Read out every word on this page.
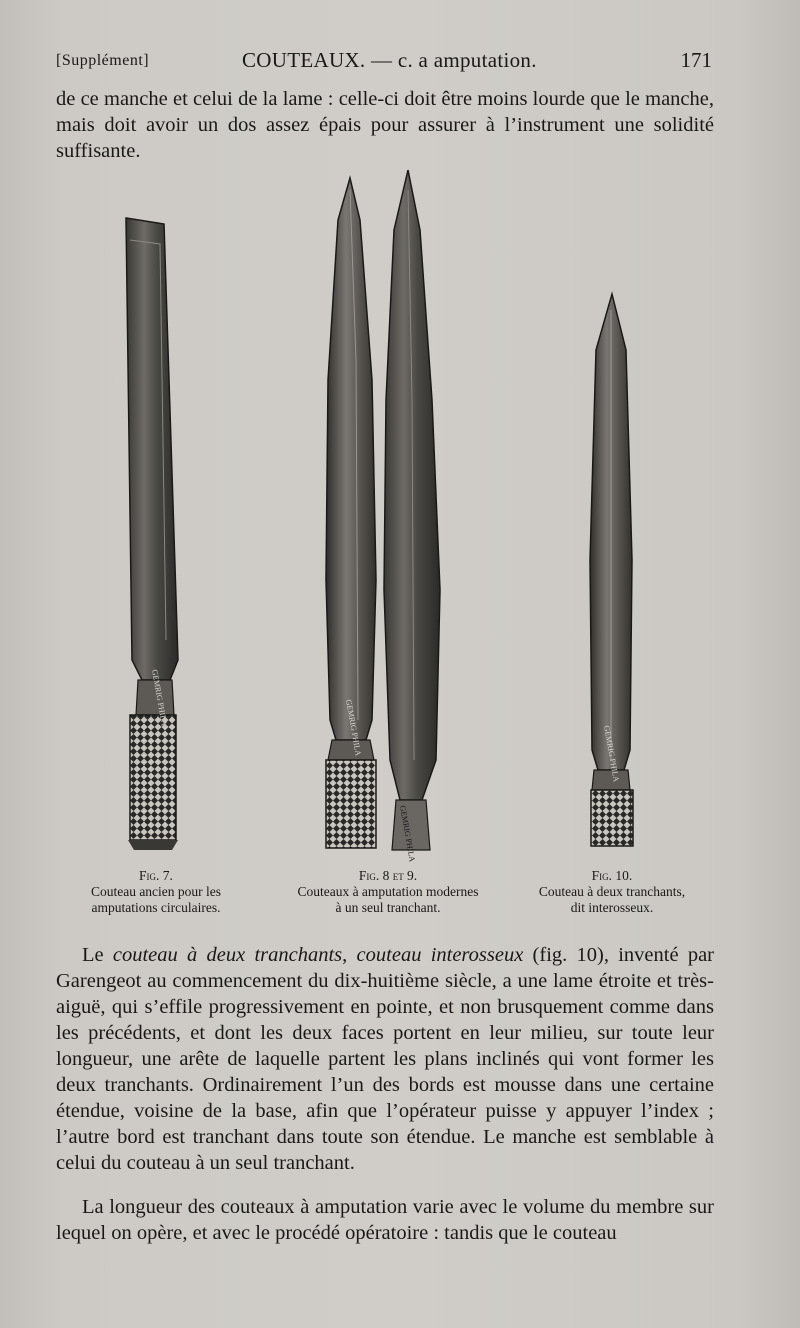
[Supplément]	COUTEAUX. — c. a amputation.	171

de ce manche et celui de la lame : celle-ci doit être moins lourde que le manche, mais doit avoir un dos assez épais pour assurer à l’instrument une solidité suffisante.

GEMRIG PHILA
GEMRIG PHILA
GEMRIG PHILA
GEMRIG PHILA
Fig. 7.
Couteau ancien pour les
amputations circulaires.
Fig. 8 et 9.
Couteaux à amputation modernes
à un seul tranchant.
Fig. 10.
Couteau à deux tranchants,
dit interosseux.

Le couteau à deux tranchants, couteau interosseux (fig. 10), inventé par Garengeot au commencement du dix-huitième siècle, a une lame étroite et très-aiguë, qui s’effile progressivement en pointe, et non brusquement comme dans les précédents, et dont les deux faces portent en leur milieu, sur toute leur longueur, une arête de laquelle partent les plans inclinés qui vont former les deux tranchants. Ordinairement l’un des bords est mousse dans une certaine étendue, voisine de la base, afin que l’opérateur puisse y appuyer l’index ; l’autre bord est tranchant dans toute son étendue. Le manche est semblable à celui du couteau à un seul tranchant.

La longueur des couteaux à amputation varie avec le volume du membre sur lequel on opère, et avec le procédé opératoire : tandis que le couteau
